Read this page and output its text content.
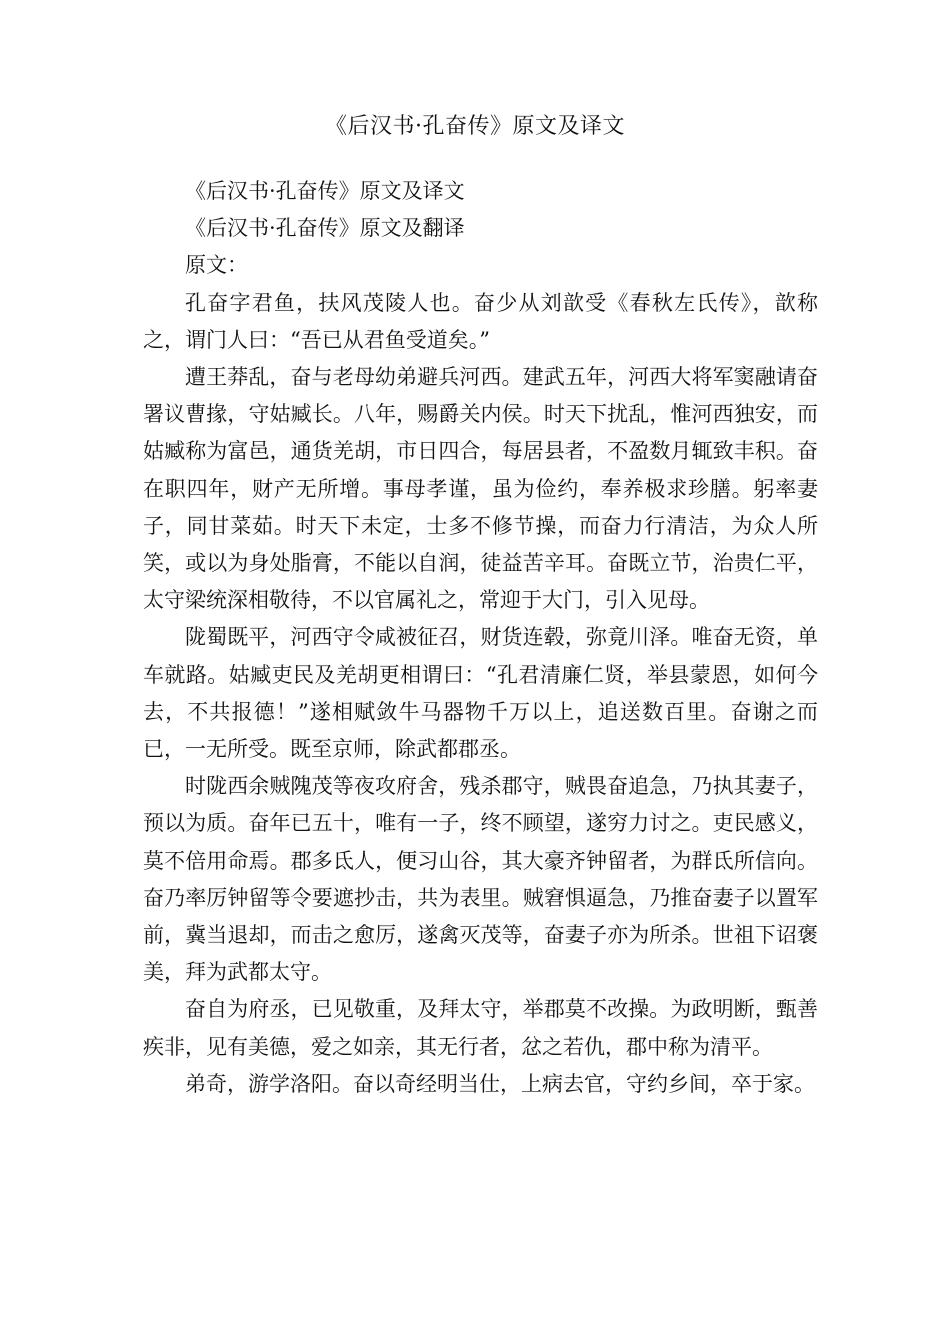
《后汉书·孔奋传》原文及译文
《后汉书·孔奋传》原文及译文
《后汉书·孔奋传》原文及翻译
原文：

孔奋字君鱼，扶风茂陵人也。奋少从刘歆受《春秋左氏传》，歆称之，谓门人曰：“吾已从君鱼受道矣。”

遭王莽乱，奋与老母幼弟避兵河西。建武五年，河西大将军窦融请奋署议曹掾，守姑臧长。八年，赐爵关内侯。时天下扰乱，惟河西独安，而姑臧称为富邑，通货羌胡，市日四合，每居县者，不盈数月辄致丰积。奋在职四年，财产无所增。事母孝谨，虽为俭约，奉养极求珍膳。躬率妻子，同甘菜茹。时天下未定，士多不修节操，而奋力行清洁，为众人所笑，或以为身处脂膏，不能以自润，徒益苦辛耳。奋既立节，治贵仁平，太守梁统深相敬待，不以官属礼之，常迎于大门，引入见母。

陇蜀既平，河西守令咸被征召，财货连毂，弥竟川泽。唯奋无资，单车就路。姑臧吏民及羌胡更相谓曰：“孔君清廉仁贤，举县蒙恩，如何今去，不共报德！”遂相赋敛牛马器物千万以上，追送数百里。奋谢之而已，一无所受。既至京师，除武都郡丞。

时陇西余贼隗茂等夜攻府舍，残杀郡守，贼畏奋追急，乃执其妻子，预以为质。奋年已五十，唯有一子，终不顾望，遂穷力讨之。吏民感义，莫不倍用命焉。郡多氐人，便习山谷，其大豪齐钟留者，为群氐所信向。奋乃率厉钟留等令要遮抄击，共为表里。贼窘惧逼急，乃推奋妻子以置军前，冀当退却，而击之愈厉，遂禽灭茂等，奋妻子亦为所杀。世祖下诏褒美，拜为武都太守。

奋自为府丞，已见敬重，及拜太守，举郡莫不改操。为政明断，甄善疾非，见有美德，爱之如亲，其无行者，忿之若仇，郡中称为清平。

弟奇，游学洛阳。奋以奇经明当仕，上病去官，守约乡间，卒于家。
